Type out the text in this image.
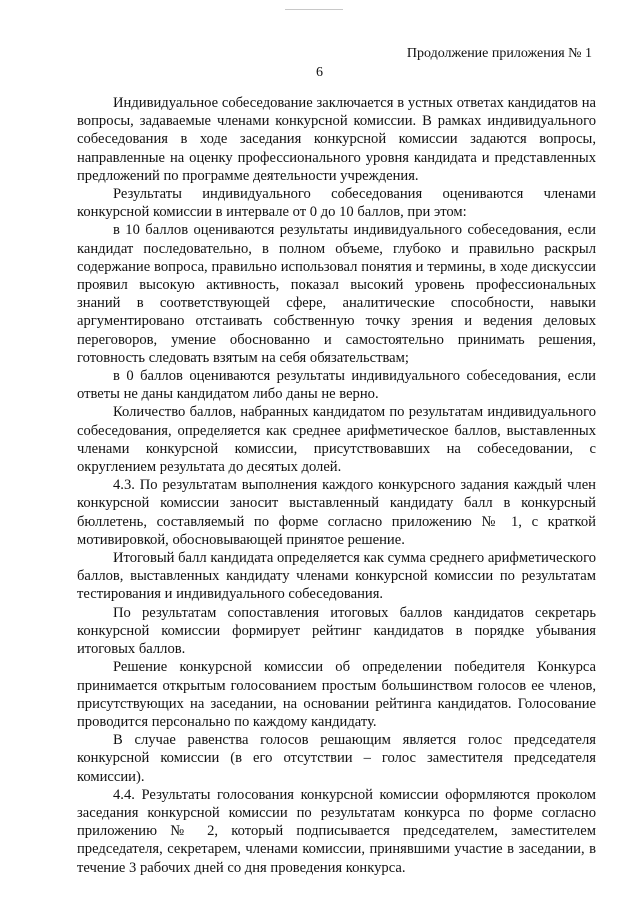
Продолжение приложения № 1
6

Индивидуальное собеседование заключается в устных ответах кандидатов на вопросы, задаваемые членами конкурсной комиссии. В рамках индивидуального собеседования в ходе заседания конкурсной комиссии задаются вопросы, направленные на оценку профессионального уровня кандидата и представленных предложений по программе деятельности учреждения.

Результаты индивидуального собеседования оцениваются членами конкурсной комиссии в интервале от 0 до 10 баллов, при этом:

в 10 баллов оцениваются результаты индивидуального собеседования, если кандидат последовательно, в полном объеме, глубоко и правильно раскрыл содержание вопроса, правильно использовал понятия и термины, в ходе дискуссии проявил высокую активность, показал высокий уровень профессиональных знаний в соответствующей сфере, аналитические способности, навыки аргументировано отстаивать собственную точку зрения и ведения деловых переговоров, умение обоснованно и самостоятельно принимать решения, готовность следовать взятым на себя обязательствам;

в 0 баллов оцениваются результаты индивидуального собеседования, если ответы не даны кандидатом либо даны не верно.

Количество баллов, набранных кандидатом по результатам индивидуального собеседования, определяется как среднее арифметическое баллов, выставленных членами конкурсной комиссии, присутствовавших на собеседовании, с округлением результата до десятых долей.

4.3. По результатам выполнения каждого конкурсного задания каждый член конкурсной комиссии заносит выставленный кандидату балл в конкурсный бюллетень, составляемый по форме согласно приложению № 1, с краткой мотивировкой, обосновывающей принятое решение.

Итоговый балл кандидата определяется как сумма среднего арифметического баллов, выставленных кандидату членами конкурсной комиссии по результатам тестирования и индивидуального собеседования.

По результатам сопоставления итоговых баллов кандидатов секретарь конкурсной комиссии формирует рейтинг кандидатов в порядке убывания итоговых баллов.

Решение конкурсной комиссии об определении победителя Конкурса принимается открытым голосованием простым большинством голосов ее членов, присутствующих на заседании, на основании рейтинга кандидатов. Голосование проводится персонально по каждому кандидату.

В случае равенства голосов решающим является голос председателя конкурсной комиссии (в его отсутствии – голос заместителя председателя комиссии).

4.4. Результаты голосования конкурсной комиссии оформляются проколом заседания конкурсной комиссии по результатам конкурса по форме согласно приложению № 2, который подписывается председателем, заместителем председателя, секретарем, членами комиссии, принявшими участие в заседании, в течение 3 рабочих дней со дня проведения конкурса.
